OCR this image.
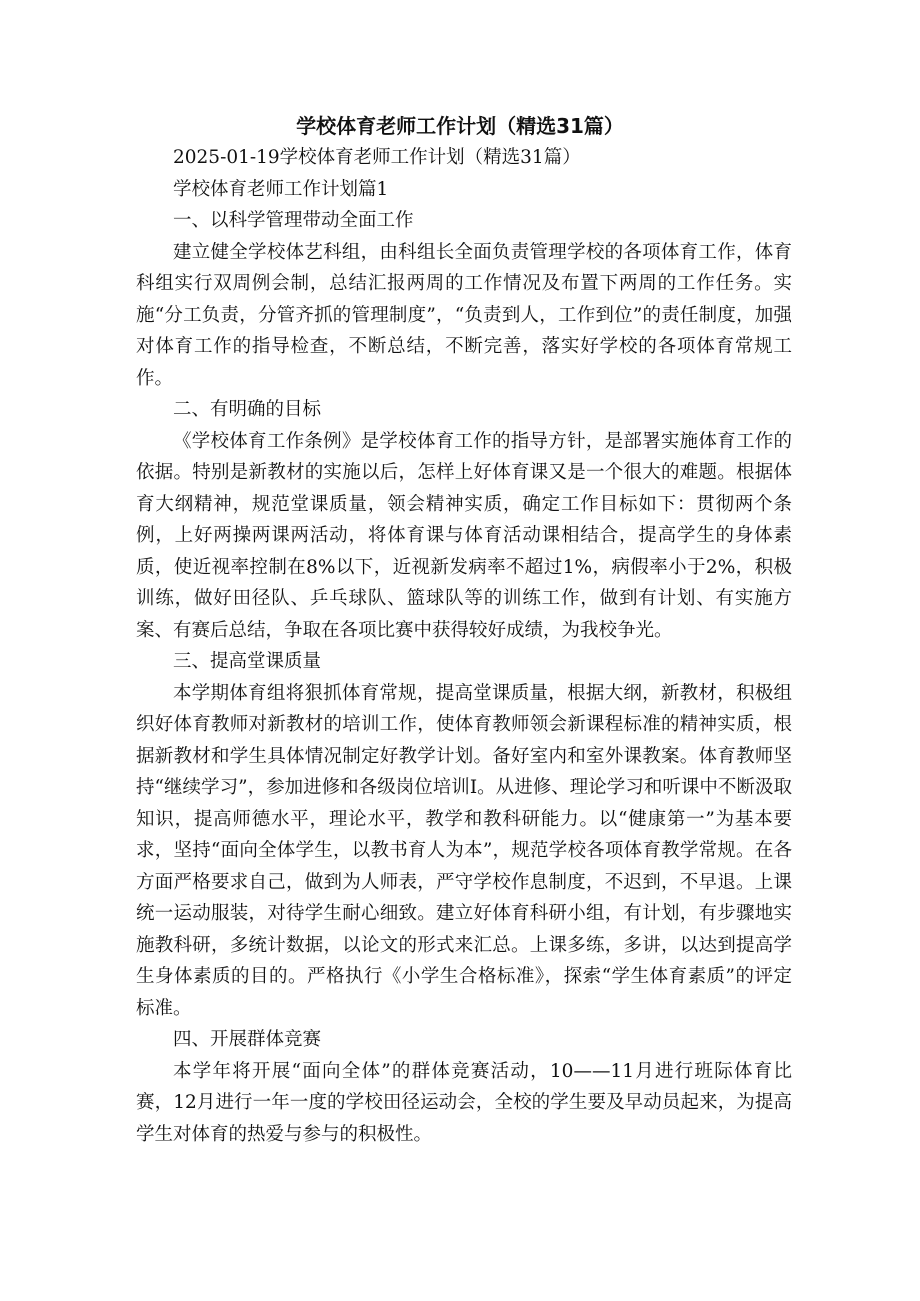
学校体育老师工作计划（精选31篇）

2025-01-19学校体育老师工作计划（精选31篇）

学校体育老师工作计划篇1

一、以科学管理带动全面工作

建立健全学校体艺科组，由科组长全面负责管理学校的各项体育工作，体育科组实行双周例会制，总结汇报两周的工作情况及布置下两周的工作任务。实施“分工负责，分管齐抓的管理制度”，“负责到人，工作到位”的责任制度，加强对体育工作的指导检查，不断总结，不断完善，落实好学校的各项体育常规工作。

二、有明确的目标

《学校体育工作条例》是学校体育工作的指导方针，是部署实施体育工作的依据。特别是新教材的实施以后，怎样上好体育课又是一个很大的难题。根据体育大纲精神，规范堂课质量，领会精神实质，确定工作目标如下：贯彻两个条例，上好两操两课两活动，将体育课与体育活动课相结合，提高学生的身体素质，使近视率控制在8%以下，近视新发病率不超过1%，病假率小于2%，积极训练，做好田径队、乒乓球队、篮球队等的训练工作，做到有计划、有实施方案、有赛后总结，争取在各项比赛中获得较好成绩，为我校争光。

三、提高堂课质量

本学期体育组将狠抓体育常规，提高堂课质量，根据大纲，新教材，积极组织好体育教师对新教材的培训工作，使体育教师领会新课程标准的精神实质，根据新教材和学生具体情况制定好教学计划。备好室内和室外课教案。体育教师坚持“继续学习”，参加进修和各级岗位培训Ⅰ。从进修、理论学习和听课中不断汲取知识，提高师德水平，理论水平，教学和教科研能力。以“健康第一”为基本要求，坚持“面向全体学生，以教书育人为本”，规范学校各项体育教学常规。在各方面严格要求自己，做到为人师表，严守学校作息制度，不迟到，不早退。上课统一运动服装，对待学生耐心细致。建立好体育科研小组，有计划，有步骤地实施教科研，多统计数据，以论文的形式来汇总。上课多练，多讲，以达到提高学生身体素质的目的。严格执行《小学生合格标准》，探索“学生体育素质”的评定标准。

四、开展群体竞赛

本学年将开展“面向全体”的群体竞赛活动，10——11月进行班际体育比赛，12月进行一年一度的学校田径运动会，全校的学生要及早动员起来，为提高学生对体育的热爱与参与的积极性。
